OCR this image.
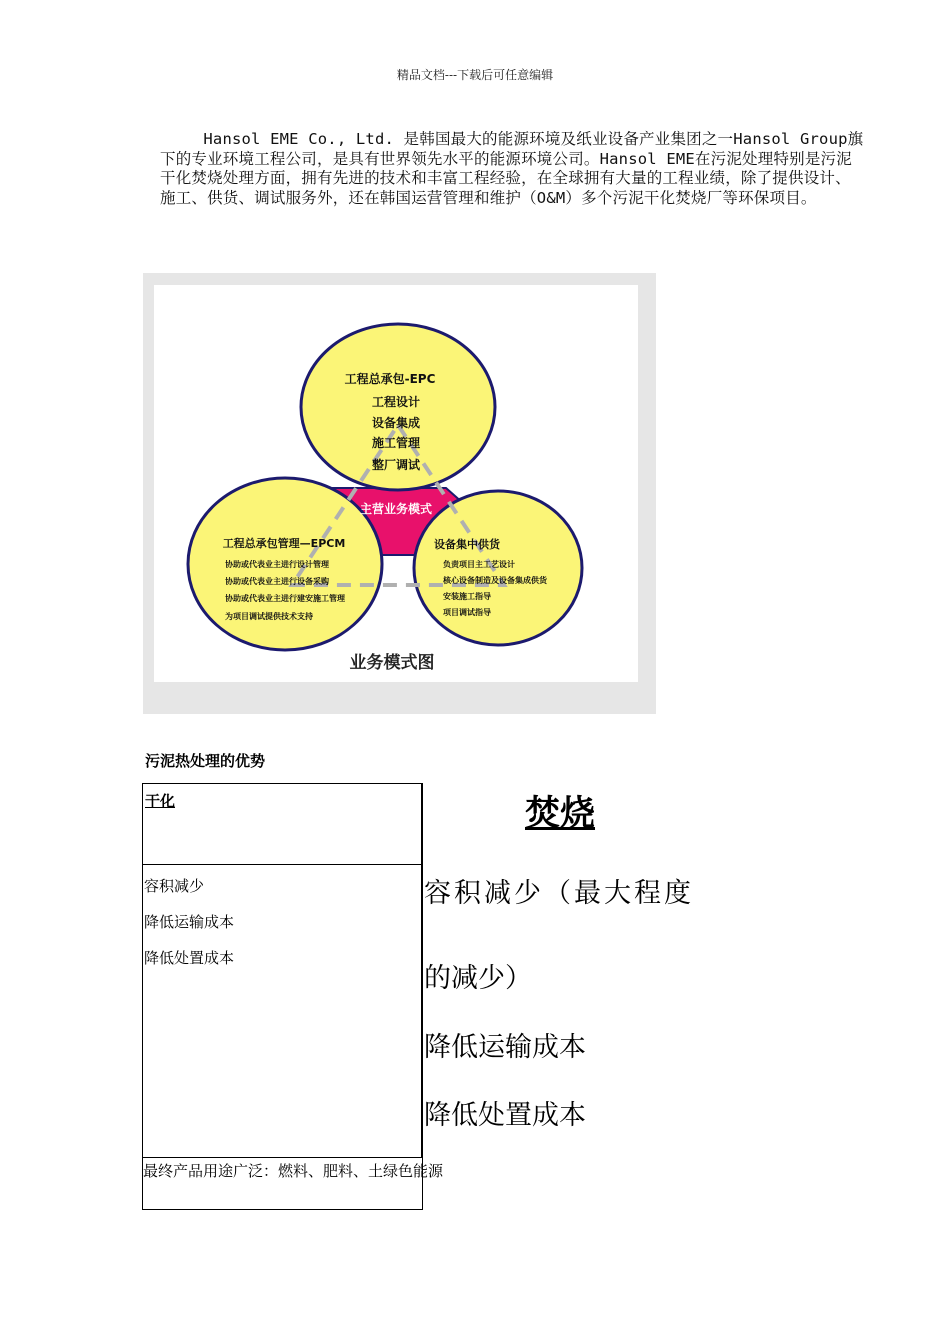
精品文档---下载后可任意编辑
Hansol EME Co., Ltd. 是韩国最大的能源环境及纸业设备产业集团之一Hansol Group旗下的专业环境工程公司，是具有世界领先水平的能源环境公司。Hansol EME在污泥处理特别是污泥干化焚烧处理方面，拥有先进的技术和丰富工程经验，在全球拥有大量的工程业绩，除了提供设计、施工、供货、调试服务外，还在韩国运营管理和维护（O&M）多个污泥干化焚烧厂等环保项目。
工程总承包-EPC
工程设计
设备集成
施工管理
整厂调试
工程总承包管理—EPCM
协助或代表业主进行设计管理
协助或代表业主进行设备采购
协助或代表业主进行建安施工管理
为项目调试提供技术支持
设备集中供货
负责项目主工艺设计
核心设备制造及设备集成供货
安装施工指导
项目调试指导
业务模式图
主营业务模式
污泥热处理的优势
干化
容积减少
降低运输成本
降低处置成本
最终产品用途广泛：燃料、肥料、土绿色能源
焚烧
容积减少（最大程度
的减少）
降低运输成本
降低处置成本
